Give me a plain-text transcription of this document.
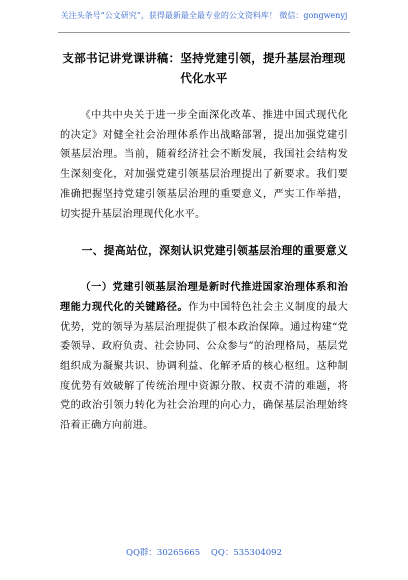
关注头条号“公文研究”，获得最新最全最专业的公文资料库！ 微信：gongwenyj

支部书记讲党课讲稿：坚持党建引领，提升基层治理现代化水平

《中共中央关于进一步全面深化改革、推进中国式现代化的决定》对健全社会治理体系作出战略部署，提出加强党建引领基层治理。当前，随着经济社会不断发展，我国社会结构发生深刻变化，对加强党建引领基层治理提出了新要求。我们要准确把握坚持党建引领基层治理的重要意义，严实工作举措，切实提升基层治理现代化水平。

一、提高站位，深刻认识党建引领基层治理的重要意义

（一）党建引领基层治理是新时代推进国家治理体系和治理能力现代化的关键路径。作为中国特色社会主义制度的最大优势，党的领导为基层治理提供了根本政治保障。通过构建“党委领导、政府负责、社会协同、公众参与”的治理格局，基层党组织成为凝聚共识、协调利益、化解矛盾的核心枢纽。这种制度优势有效破解了传统治理中资源分散、权责不清的难题，将党的政治引领力转化为社会治理的向心力，确保基层治理始终沿着正确方向前进。

QQ群：30265665 QQ：535304092
